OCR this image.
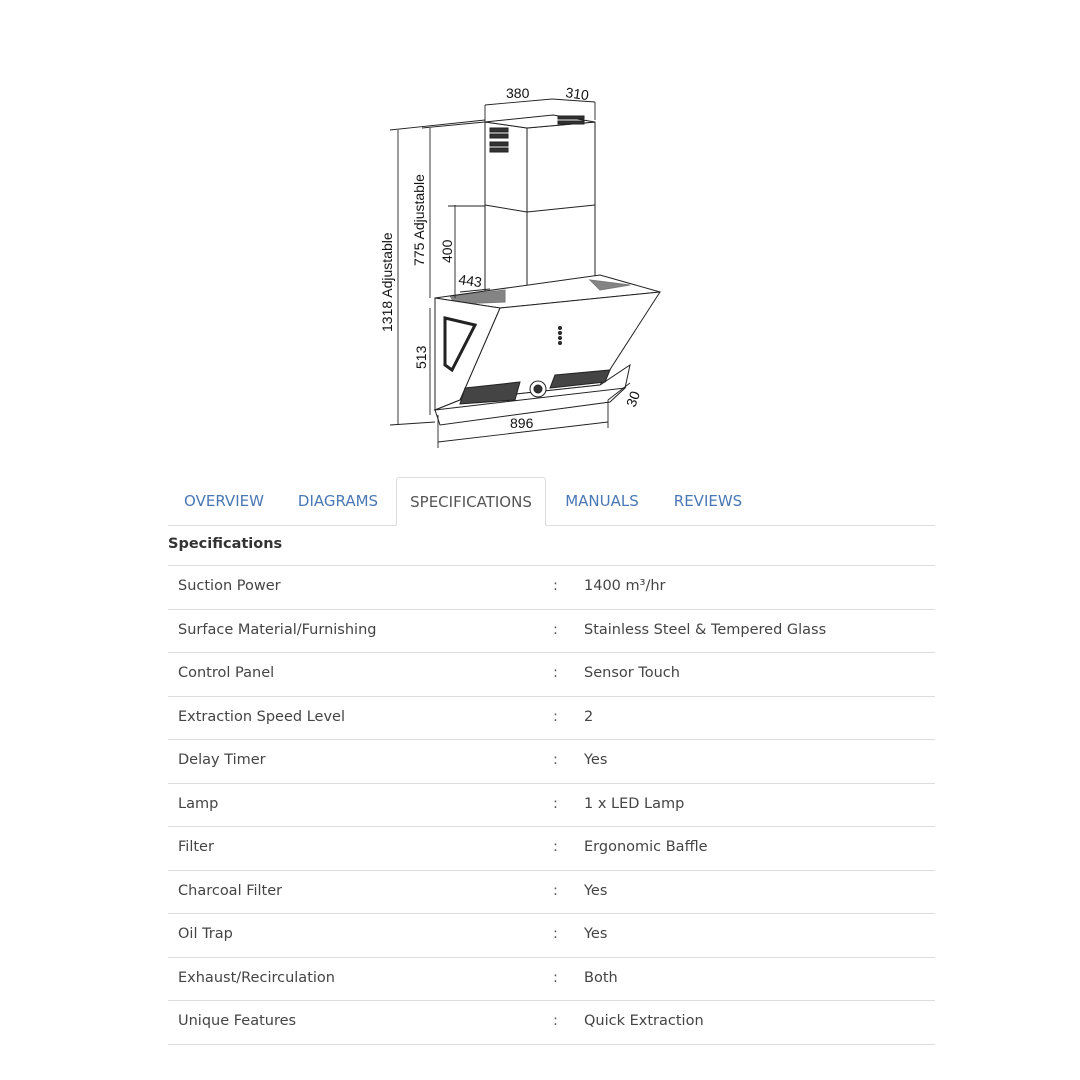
380	310
1318 Adjustable
775 Adjustable 400
443
513
896
30
OVERVIEW	DIAGRAMS	SPECIFICATIONS	MANUALS	REVIEWS
Specifications
Suction Power	: 1400 m³/hr
Surface Material/Furnishing	: Stainless Steel & Tempered Glass
Control Panel	: Sensor Touch
Extraction Speed Level	: 2
Delay Timer	: Yes
Lamp	: 1 x LED Lamp
Filter	: Ergonomic Baffle
Charcoal Filter	: Yes
Oil Trap	: Yes
Exhaust/Recirculation	: Both
Unique Features	: Quick Extraction
